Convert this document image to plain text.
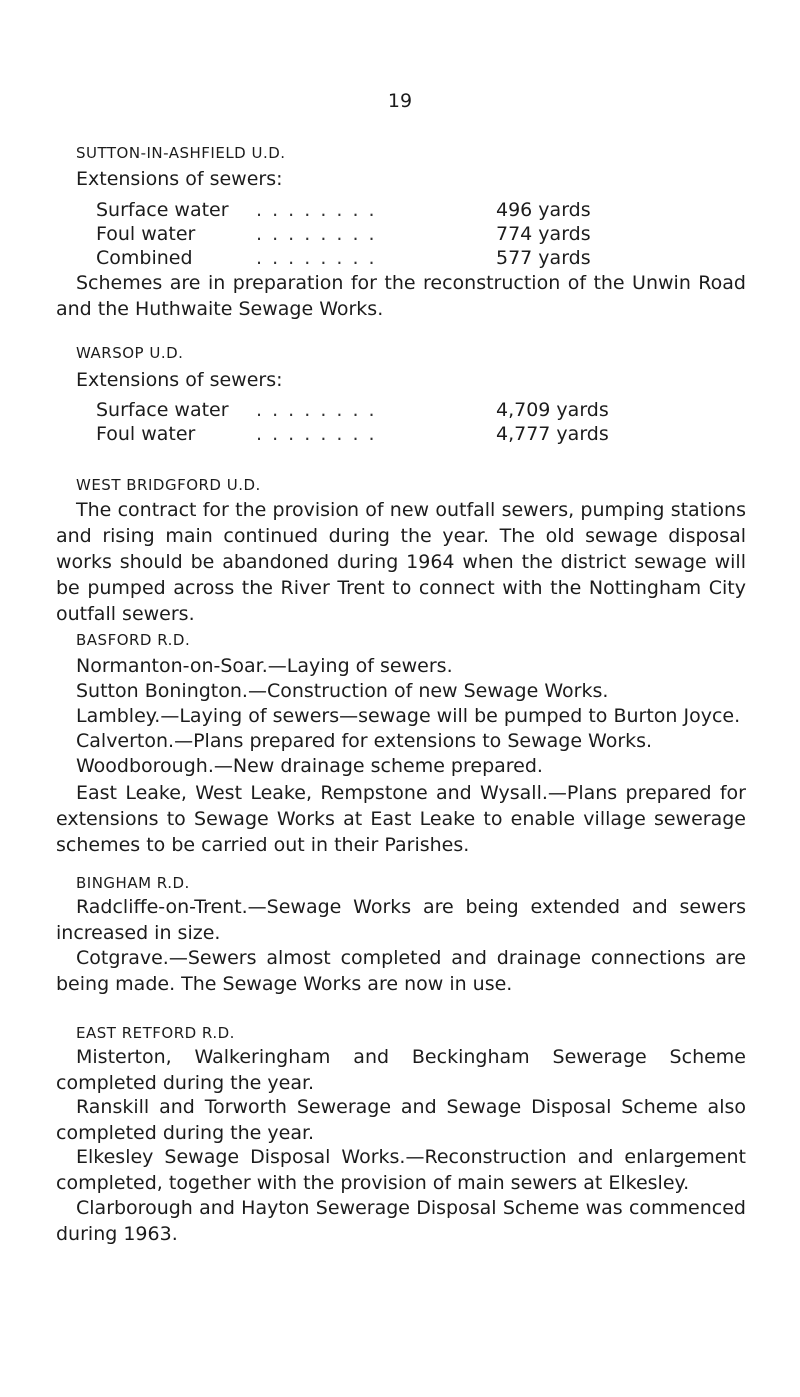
19
SUTTON-IN-ASHFIELD U.D.
Extensions of sewers:
Surface water . . . . . . . .	496 yards
Foul water	. . . . . . . .	774 yards
Combined	. . . . . . . .	577 yards
Schemes are in preparation for the reconstruction of the Unwin Road and the Huthwaite Sewage Works.
WARSOP U.D.
Extensions of sewers:
Surface water . . . . . . . .	4,709 yards
Foul water	. . . . . . . .	4,777 yards
WEST BRIDGFORD U.D.
The contract for the provision of new outfall sewers, pumping stations and rising main continued during the year. The old sewage disposal works should be abandoned during 1964 when the district sewage will be pumped across the River Trent to connect with the Nottingham City outfall sewers.
BASFORD R.D.
Normanton-on-Soar.—Laying of sewers.
Sutton Bonington.—Construction of new Sewage Works.
Lambley.—Laying of sewers—sewage will be pumped to Burton Joyce.
Calverton.—Plans prepared for extensions to Sewage Works.
Woodborough.—New drainage scheme prepared.
East Leake, West Leake, Rempstone and Wysall.—Plans prepared for extensions to Sewage Works at East Leake to enable village sewerage schemes to be carried out in their Parishes.
BINGHAM R.D.
Radcliffe-on-Trent.—Sewage Works are being extended and sewers increased in size.
Cotgrave.—Sewers almost completed and drainage connections are being made. The Sewage Works are now in use.
EAST RETFORD R.D.
Misterton, Walkeringham and Beckingham Sewerage Scheme completed during the year.
Ranskill and Torworth Sewerage and Sewage Disposal Scheme also completed during the year.
Elkesley Sewage Disposal Works.—Reconstruction and enlargement completed, together with the provision of main sewers at Elkesley.
Clarborough and Hayton Sewerage Disposal Scheme was commenced during 1963.
